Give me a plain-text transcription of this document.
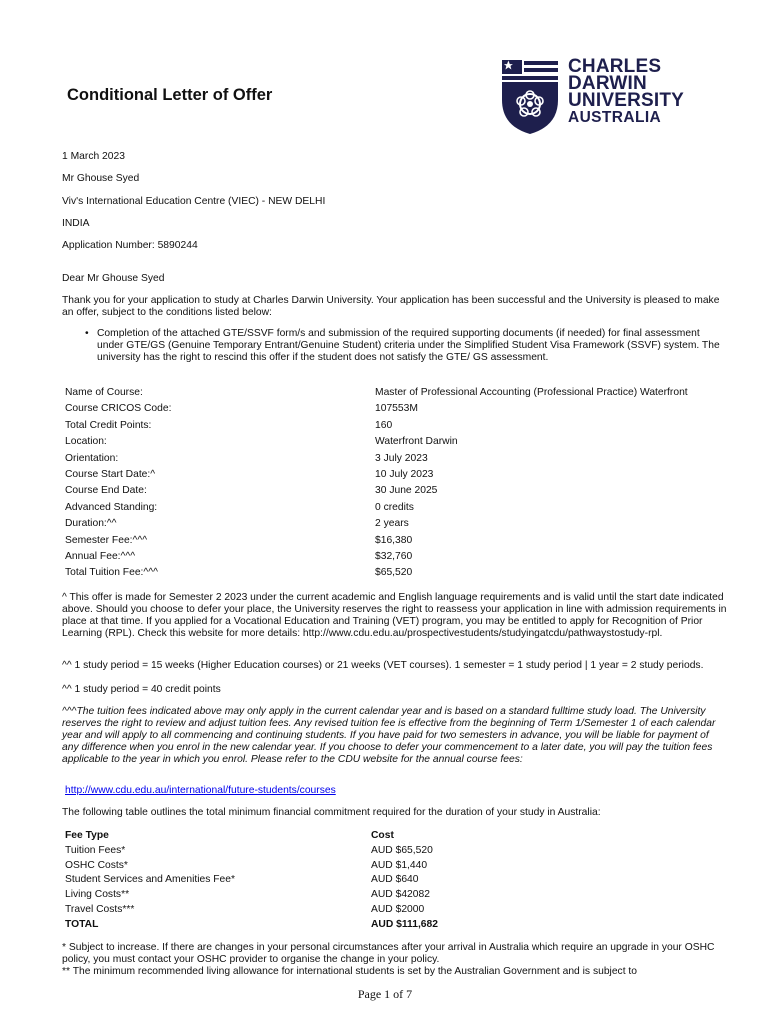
Conditional Letter of Offer
CHARLES
DARWIN
UNIVERSITY
AUSTRALIA
1 March 2023
Mr Ghouse Syed
Viv's International Education Centre (VIEC) - NEW DELHI
INDIA
Application Number: 5890244
Dear Mr Ghouse Syed
Thank you for your application to study at Charles Darwin University. Your application has been successful and the University is pleased to make an offer, subject to the conditions listed below:
• Completion of the attached GTE/SSVF form/s and submission of the required supporting documents (if needed) for final assessment under GTE/GS (Genuine Temporary Entrant/Genuine Student) criteria under the Simplified Student Visa Framework (SSVF) system. The university has the right to rescind this offer if the student does not satisfy the GTE/ GS assessment.
Name of Course:	Master of Professional Accounting (Professional Practice) Waterfront
Course CRICOS Code:	107553M
Total Credit Points:	160
Location:	Waterfront Darwin
Orientation:	3 July 2023
Course Start Date:^	10 July 2023
Course End Date:	30 June 2025
Advanced Standing:	0 credits
Duration:^^	2 years
Semester Fee:^^^	$16,380
Annual Fee:^^^	$32,760
Total Tuition Fee:^^^	$65,520
^ This offer is made for Semester 2 2023 under the current academic and English language requirements and is valid until the start date indicated above. Should you choose to defer your place, the University reserves the right to reassess your application in line with admission requirements in place at that time. If you applied for a Vocational Education and Training (VET) program, you may be entitled to apply for Recognition of Prior Learning (RPL). Check this website for more details: http://www.cdu.edu.au/prospectivestudents/studyingatcdu/pathwaystostudy-rpl.
^^ 1 study period = 15 weeks (Higher Education courses) or 21 weeks (VET courses). 1 semester = 1 study period | 1 year = 2 study periods.
^^ 1 study period = 40 credit points
^^^The tuition fees indicated above may only apply in the current calendar year and is based on a standard fulltime study load. The University reserves the right to review and adjust tuition fees. Any revised tuition fee is effective from the beginning of Term 1/Semester 1 of each calendar year and will apply to all commencing and continuing students. If you have paid for two semesters in advance, you will be liable for payment of any difference when you enrol in the new calendar year. If you choose to defer your commencement to a later date, you will pay the tuition fees applicable to the year in which you enrol. Please refer to the CDU website for the annual course fees:
http://www.cdu.edu.au/international/future-students/courses
The following table outlines the total minimum financial commitment required for the duration of your study in Australia:
Fee Type	Cost
Tuition Fees*	AUD $65,520
OSHC Costs*	AUD $1,440
Student Services and Amenities Fee*	AUD $640
Living Costs**	AUD $42082
Travel Costs***	AUD $2000
TOTAL	AUD $111,682
* Subject to increase. If there are changes in your personal circumstances after your arrival in Australia which require an upgrade in your OSHC policy, you must contact your OSHC provider to organise the change in your policy.
** The minimum recommended living allowance for international students is set by the Australian Government and is subject to
Page 1 of 7
